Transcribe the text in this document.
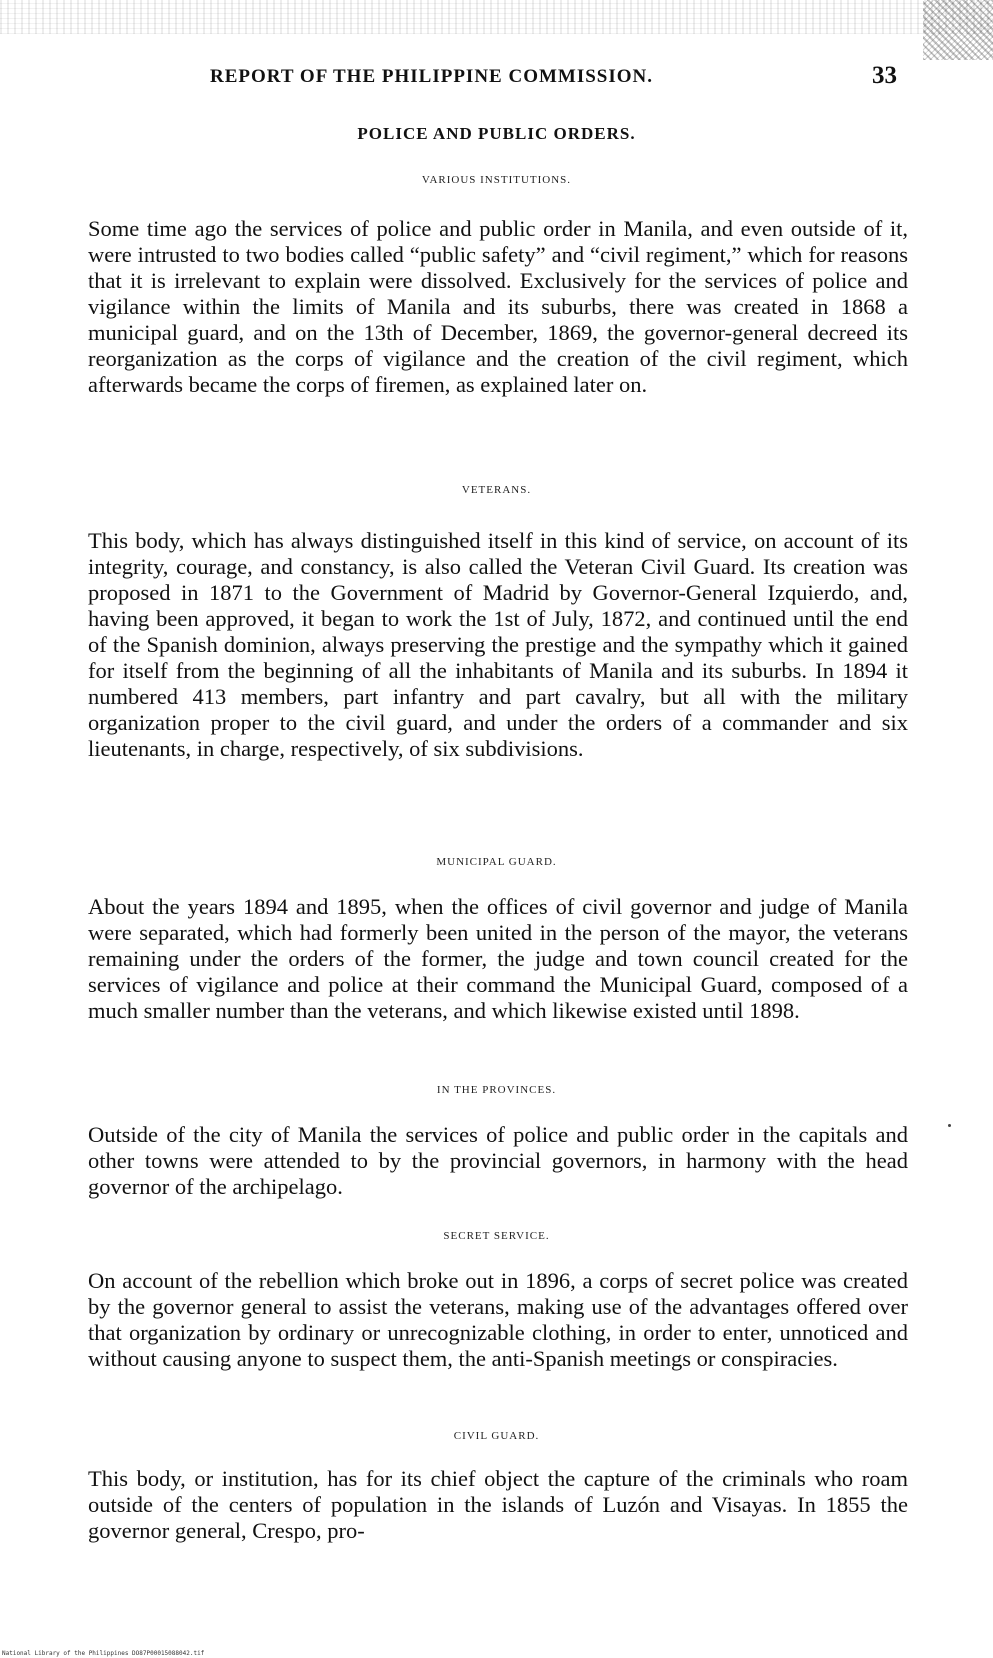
REPORT OF THE PHILIPPINE COMMISSION.	33
POLICE AND PUBLIC ORDERS.
VARIOUS INSTITUTIONS.

Some time ago the services of police and public order in Manila, and even outside of it, were intrusted to two bodies called “public safety” and “civil regiment,” which for reasons that it is irrelevant to explain were dissolved. Exclusively for the services of police and vigilance within the limits of Manila and its suburbs, there was created in 1868 a municipal guard, and on the 13th of December, 1869, the governor-general decreed its reorganization as the corps of vigilance and the creation of the civil regiment, which afterwards became the corps of firemen, as explained later on.

VETERANS.

This body, which has always distinguished itself in this kind of service, on account of its integrity, courage, and constancy, is also called the Veteran Civil Guard. Its creation was proposed in 1871 to the Government of Madrid by Governor-General Izquierdo, and, having been approved, it began to work the 1st of July, 1872, and continued until the end of the Spanish dominion, always preserving the prestige and the sympathy which it gained for itself from the beginning of all the inhabitants of Manila and its suburbs. In 1894 it numbered 413 members, part infantry and part cavalry, but all with the military organization proper to the civil guard, and under the orders of a commander and six lieutenants, in charge, respectively, of six subdivisions.

MUNICIPAL GUARD.

About the years 1894 and 1895, when the offices of civil governor and judge of Manila were separated, which had formerly been united in the person of the mayor, the veterans remaining under the orders of the former, the judge and town council created for the services of vigilance and police at their command the Municipal Guard, composed of a much smaller number than the veterans, and which likewise existed until 1898.

IN THE PROVINCES.

Outside of the city of Manila the services of police and public order in the capitals and other towns were attended to by the provincial governors, in harmony with the head governor of the archipelago.

SECRET SERVICE.

On account of the rebellion which broke out in 1896, a corps of secret police was created by the governor general to assist the veterans, making use of the advantages offered over that organization by ordinary or unrecognizable clothing, in order to enter, unnoticed and without causing anyone to suspect them, the anti-Spanish meetings or conspiracies.

CIVIL GUARD.

This body, or institution, has for its chief object the capture of the criminals who roam outside of the centers of population in the islands of Luzón and Visayas. In 1855 the governor general, Crespo, pro-

National Library of the Philippines DO87P00015088042.tif
